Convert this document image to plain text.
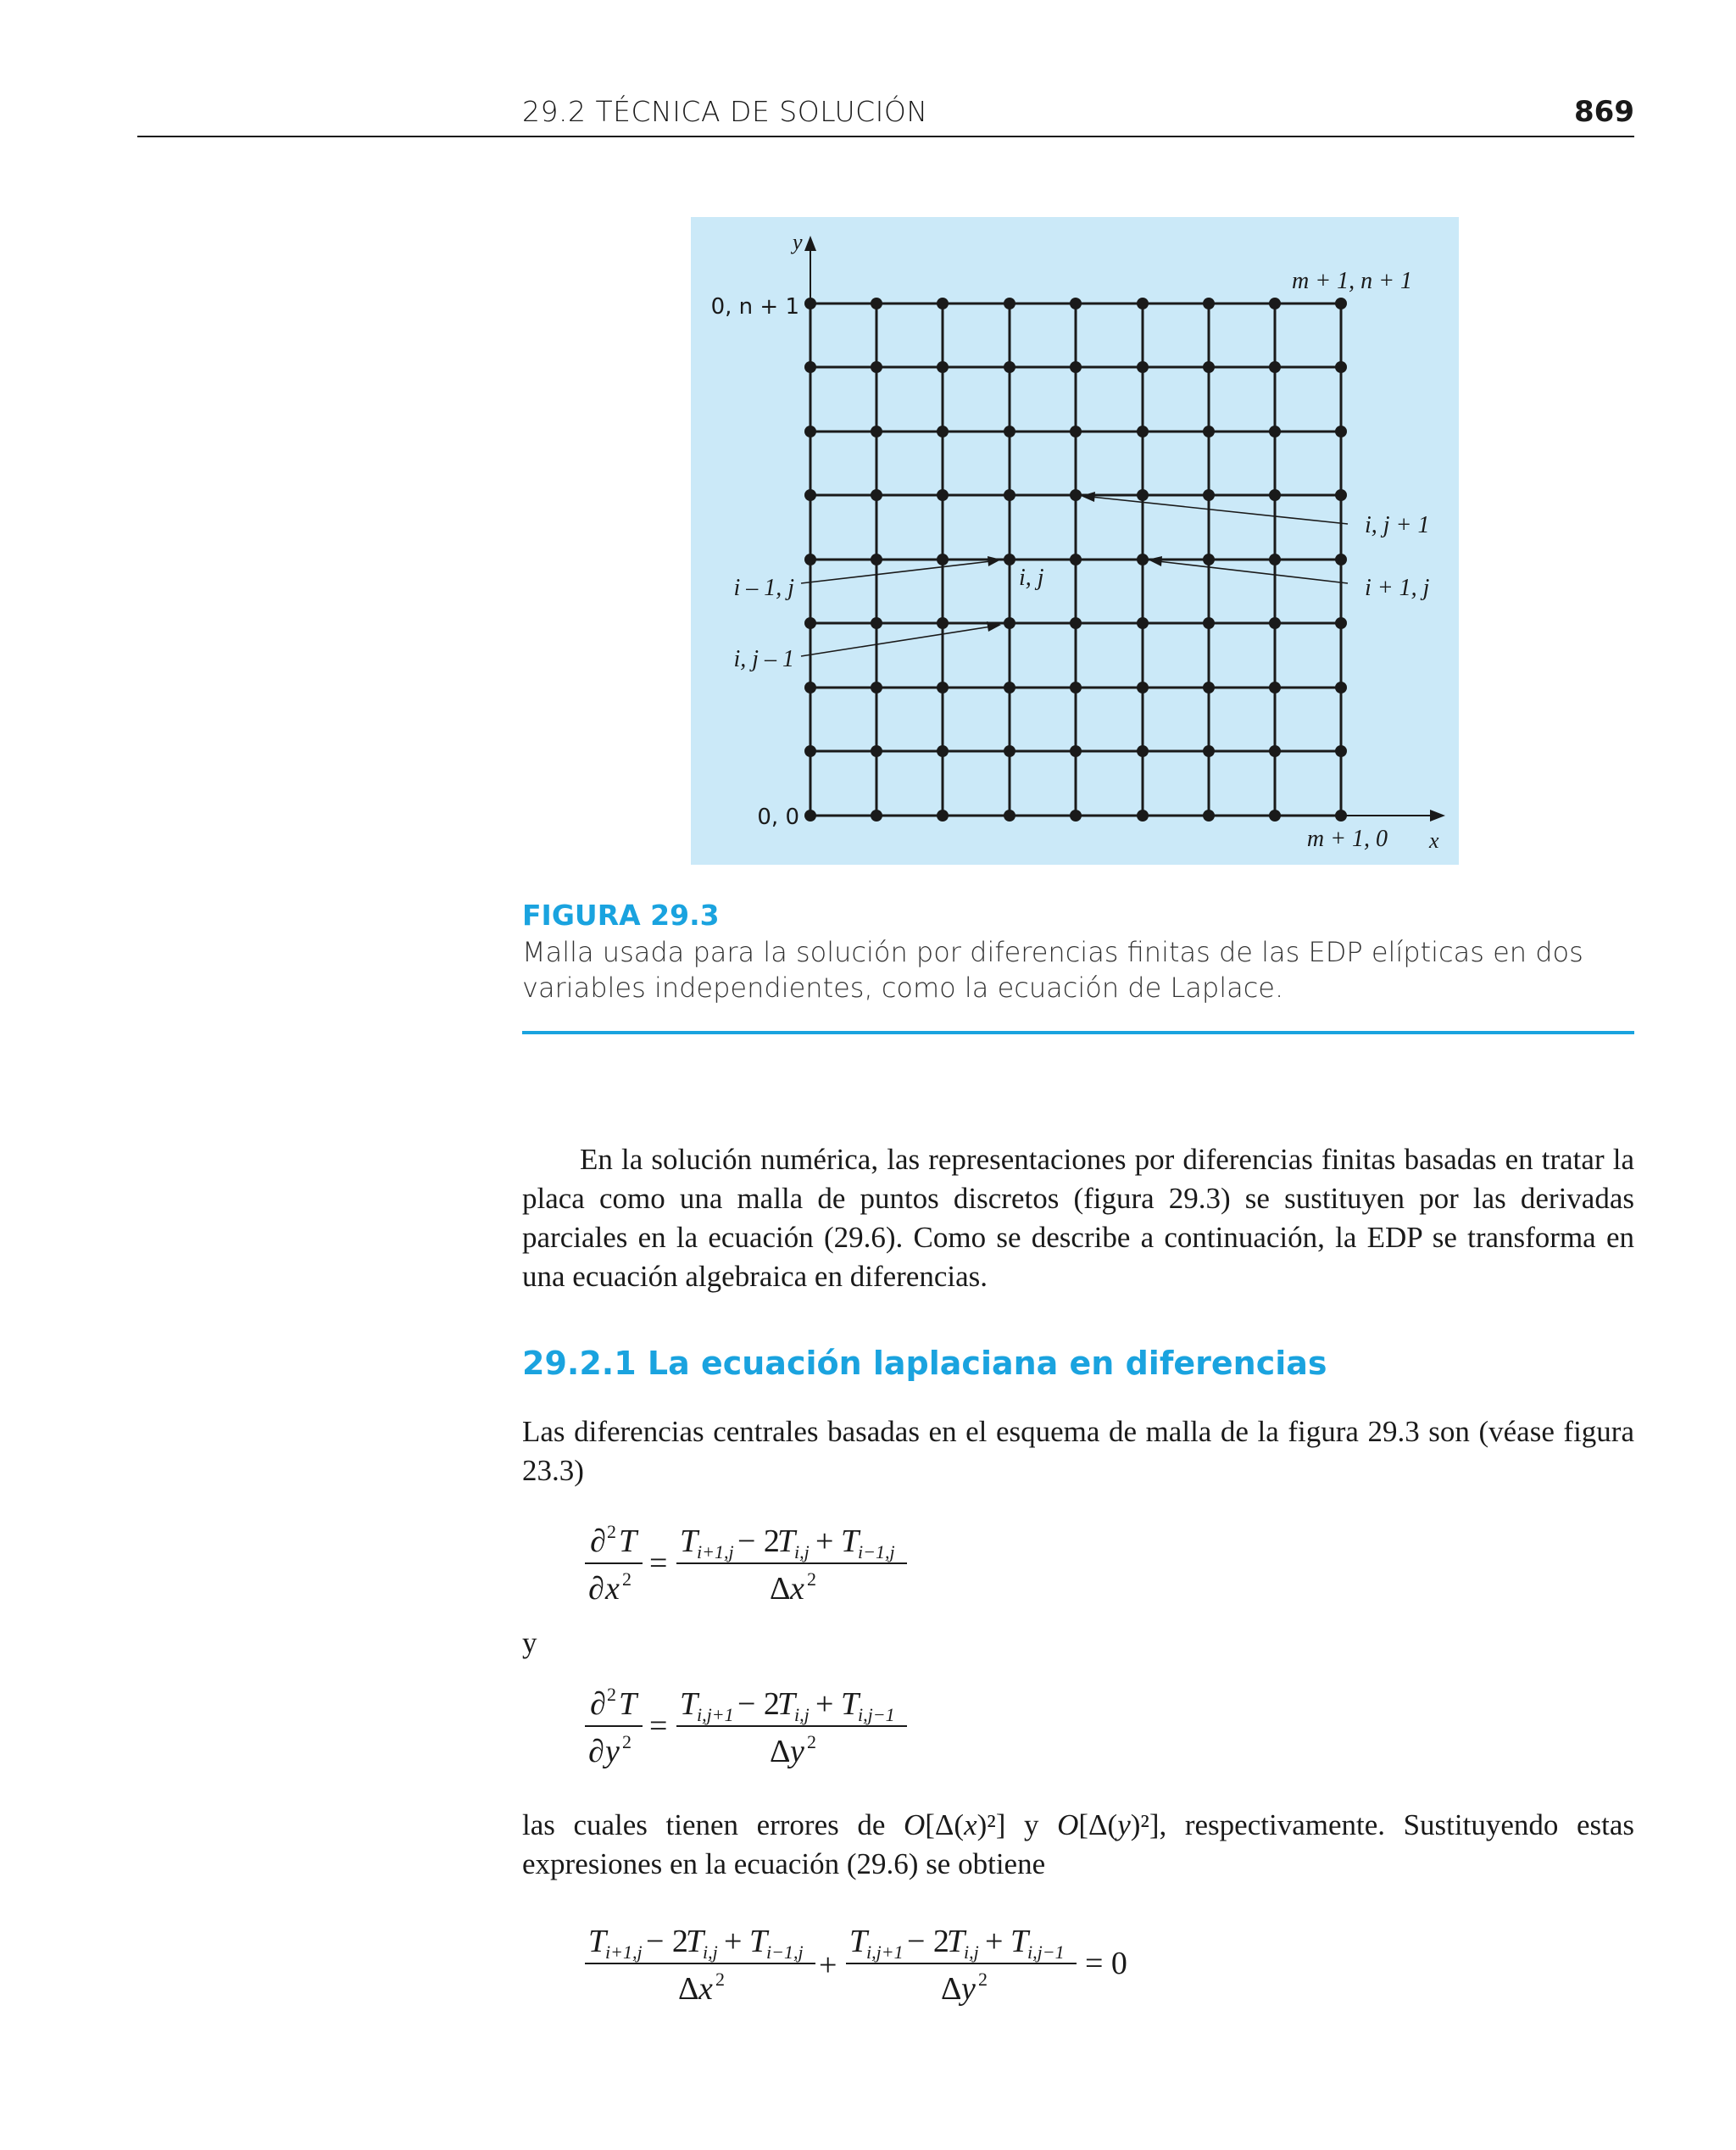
29.2 TÉCNICA DE SOLUCIÓN	869
y
x
0, n + 1
m + 1, n + 1
0, 0
m + 1, 0
i, j + 1
i + 1, j
i – 1, j
i, j – 1
i, j
FIGURA 29.3
Malla usada para la solución por diferencias finitas de las EDP elípticas en dos variables independientes, como la ecuación de Laplace.
En la solución numérica, las representaciones por diferencias finitas basadas en tratar la placa como una malla de puntos discretos (figura 29.3) se sustituyen por las derivadas parciales en la ecuación (29.6). Como se describe a continuación, la EDP se transforma en una ecuación algebraica en diferencias.
29.2.1 La ecuación laplaciana en diferencias
Las diferencias centrales basadas en el esquema de malla de la figura 29.3 son (véase figura 23.3)
∂ 2 T
∂ x 2 =
T
i+1,j − 2
T
i,j + T
i−1,j
Δ x 2
y
∂ 2 T
∂ y 2 =
T
i,j+1 − 2
T
i,j + T
i,j−1
Δ y 2
las cuales tienen errores de O[Δ(x)²] y O[Δ(y)²], respectivamente. Sustituyendo estas expresiones en la ecuación (29.6) se obtiene
T
i+1,j − 2
T
i,j + T
i−1,j
Δ x 2	+
T
i,j+1 − 2
T
i,j + T
i,j−1
Δ y 2	= 0
